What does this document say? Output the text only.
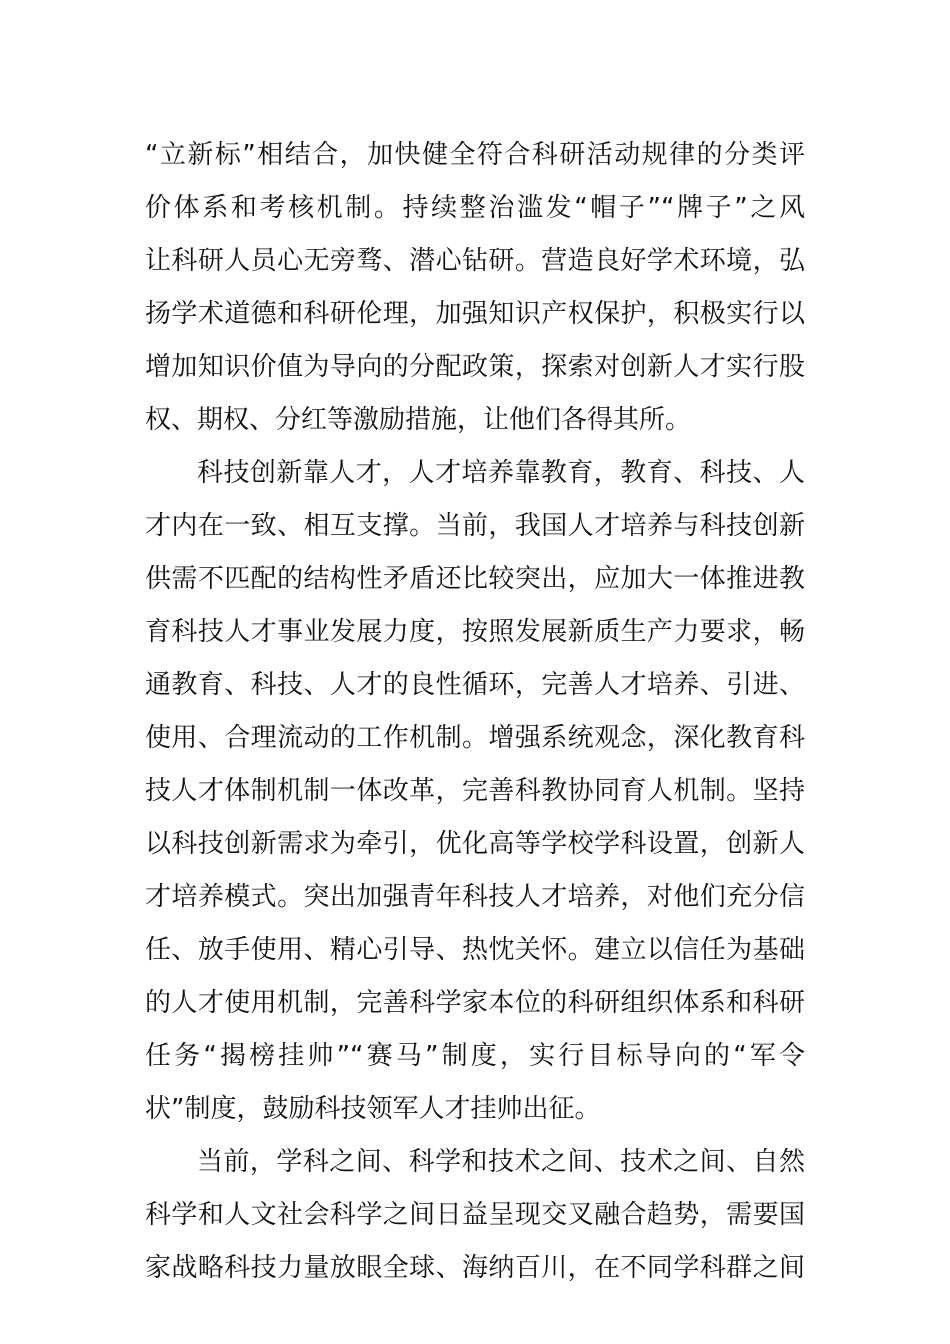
“立新标”相结合，加快健全符合科研活动规律的分类评
价体系和考核机制。持续整治滥发“帽子”“牌子”之风
让科研人员心无旁骛、潜心钻研。营造良好学术环境，弘
扬学术道德和科研伦理，加强知识产权保护，积极实行以
增加知识价值为导向的分配政策，探索对创新人才实行股
权、期权、分红等激励措施，让他们各得其所。
科技创新靠人才，人才培养靠教育，教育、科技、人
才内在一致、相互支撑。当前，我国人才培养与科技创新
供需不匹配的结构性矛盾还比较突出，应加大一体推进教
育科技人才事业发展力度，按照发展新质生产力要求，畅
通教育、科技、人才的良性循环，完善人才培养、引进、
使用、合理流动的工作机制。增强系统观念，深化教育科
技人才体制机制一体改革，完善科教协同育人机制。坚持
以科技创新需求为牵引，优化高等学校学科设置，创新人
才培养模式。突出加强青年科技人才培养，对他们充分信
任、放手使用、精心引导、热忱关怀。建立以信任为基础
的人才使用机制，完善科学家本位的科研组织体系和科研
任务“揭榜挂帅”“赛马”制度，实行目标导向的“军令
状”制度，鼓励科技领军人才挂帅出征。
当前，学科之间、科学和技术之间、技术之间、自然
科学和人文社会科学之间日益呈现交叉融合趋势，需要国
家战略科技力量放眼全球、海纳百川，在不同学科群之间
